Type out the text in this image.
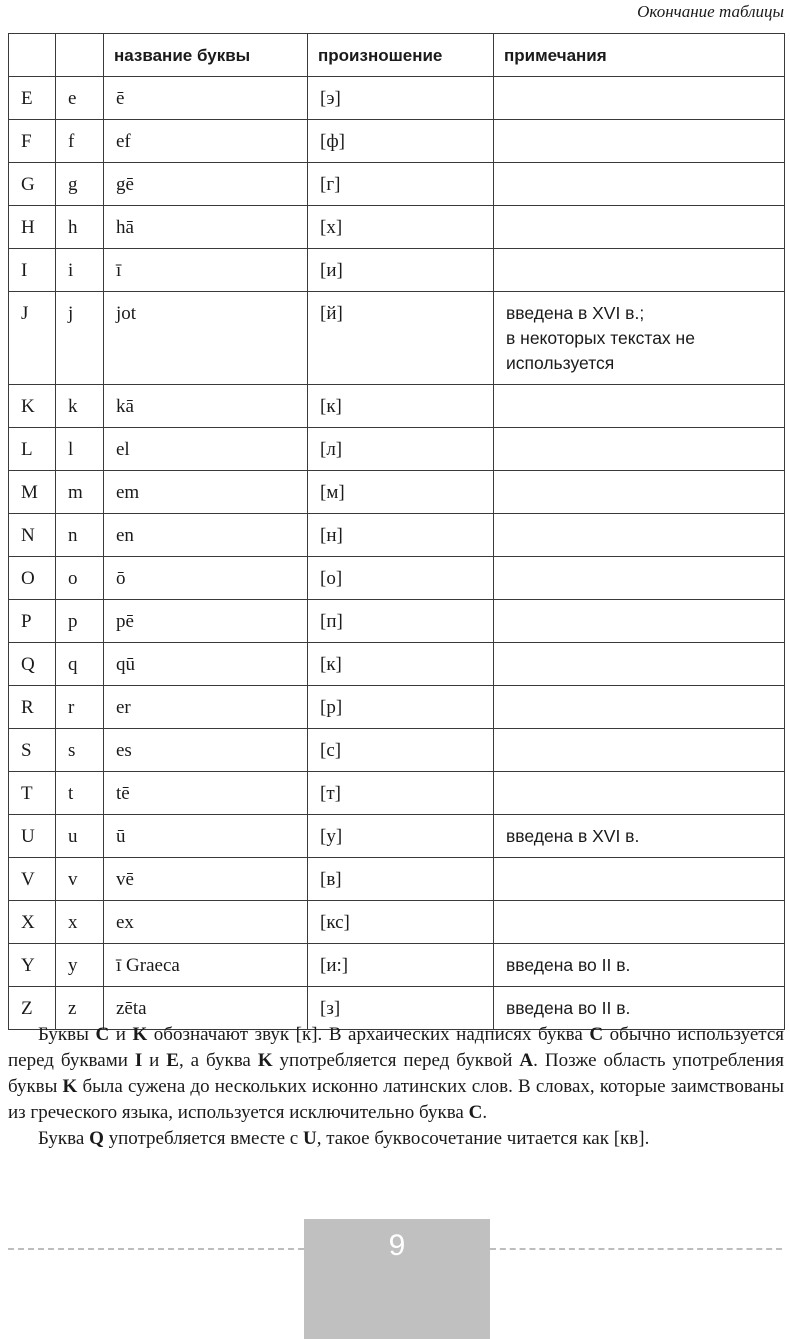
Окончание таблицы
		название буквы	произношение	примечания
E	e	ē	[э]	
F	f	ef	[ф]	
G	g	gē	[г]	
H	h	hā	[х]	
I	i	ī	[и]	
J	j	jot	[й]	введена в XVI в.;
в некоторых текстах не
используется
K	k	kā	[к]	
L	l	el	[л]	
M	m	em	[м]	
N	n	en	[н]	
O	o	ō	[о]	
P	p	pē	[п]	
Q	q	qū	[к]	
R	r	er	[р]	
S	s	es	[с]	
T	t	tē	[т]	
U	u	ū	[у]	введена в XVI в.
V	v	vē	[в]	
X	x	ex	[кс]	
Y	y	ī Graeca	[и:]	введена во II в.
Z	z	zēta	[з]	введена во II в.

Буквы C и K обозначают звук [к]. В архаических надписях буква C обычно используется перед буквами I и E, а буква K употребляется перед буквой A. Позже область употребления буквы K была сужена до нескольких исконно латинских слов. В словах, которые заимствованы из греческого языка, используется исключительно буква C.

Буква Q употребляется вместе с U, такое буквосочетание читается как [кв].

9
